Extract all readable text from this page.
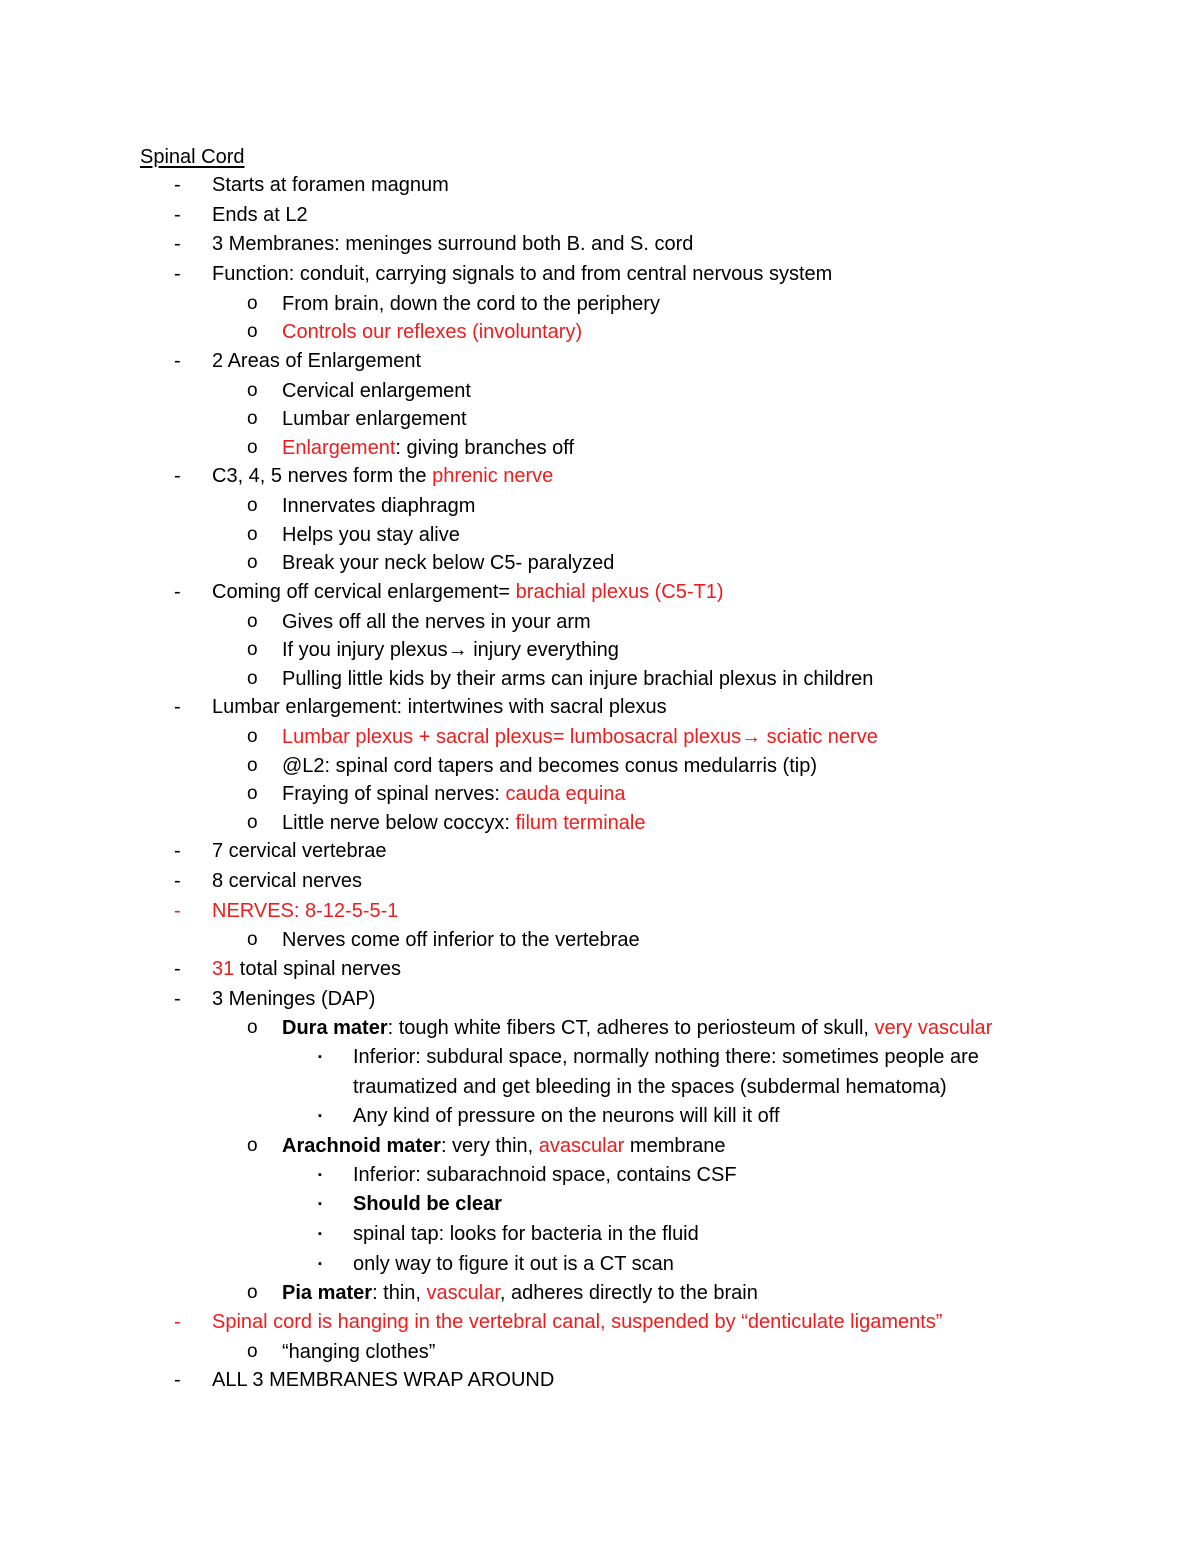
Spinal Cord
- Starts at foramen magnum
- Ends at L2
- 3 Membranes: meninges surround both B. and S. cord
- Function: conduit, carrying signals to and from central nervous system
o From brain, down the cord to the periphery
o Controls our reflexes (involuntary)
- 2 Areas of Enlargement
o Cervical enlargement
o Lumbar enlargement
o Enlargement: giving branches off
- C3, 4, 5 nerves form the phrenic nerve
o Innervates diaphragm
o Helps you stay alive
o Break your neck below C5- paralyzed
- Coming off cervical enlargement= brachial plexus (C5-T1)
o Gives off all the nerves in your arm
o If you injury plexus→ injury everything
o Pulling little kids by their arms can injure brachial plexus in children
- Lumbar enlargement: intertwines with sacral plexus
o Lumbar plexus + sacral plexus= lumbosacral plexus→ sciatic nerve
o @L2: spinal cord tapers and becomes conus medularris (tip)
o Fraying of spinal nerves: cauda equina
o Little nerve below coccyx: filum terminale
- 7 cervical vertebrae
- 8 cervical nerves
- NERVES: 8-12-5-5-1
o Nerves come off inferior to the vertebrae
- 31 total spinal nerves
- 3 Meninges (DAP)
o Dura mater: tough white fibers CT, adheres to periosteum of skull, very vascular
▪ Inferior: subdural space, normally nothing there: sometimes people are
traumatized and get bleeding in the spaces (subdermal hematoma)
▪ Any kind of pressure on the neurons will kill it off
o Arachnoid mater: very thin, avascular membrane
▪ Inferior: subarachnoid space, contains CSF
▪ Should be clear
▪ spinal tap: looks for bacteria in the fluid
▪ only way to figure it out is a CT scan
o Pia mater: thin, vascular, adheres directly to the brain
- Spinal cord is hanging in the vertebral canal, suspended by “denticulate ligaments”
o “hanging clothes”
- ALL 3 MEMBRANES WRAP AROUND
